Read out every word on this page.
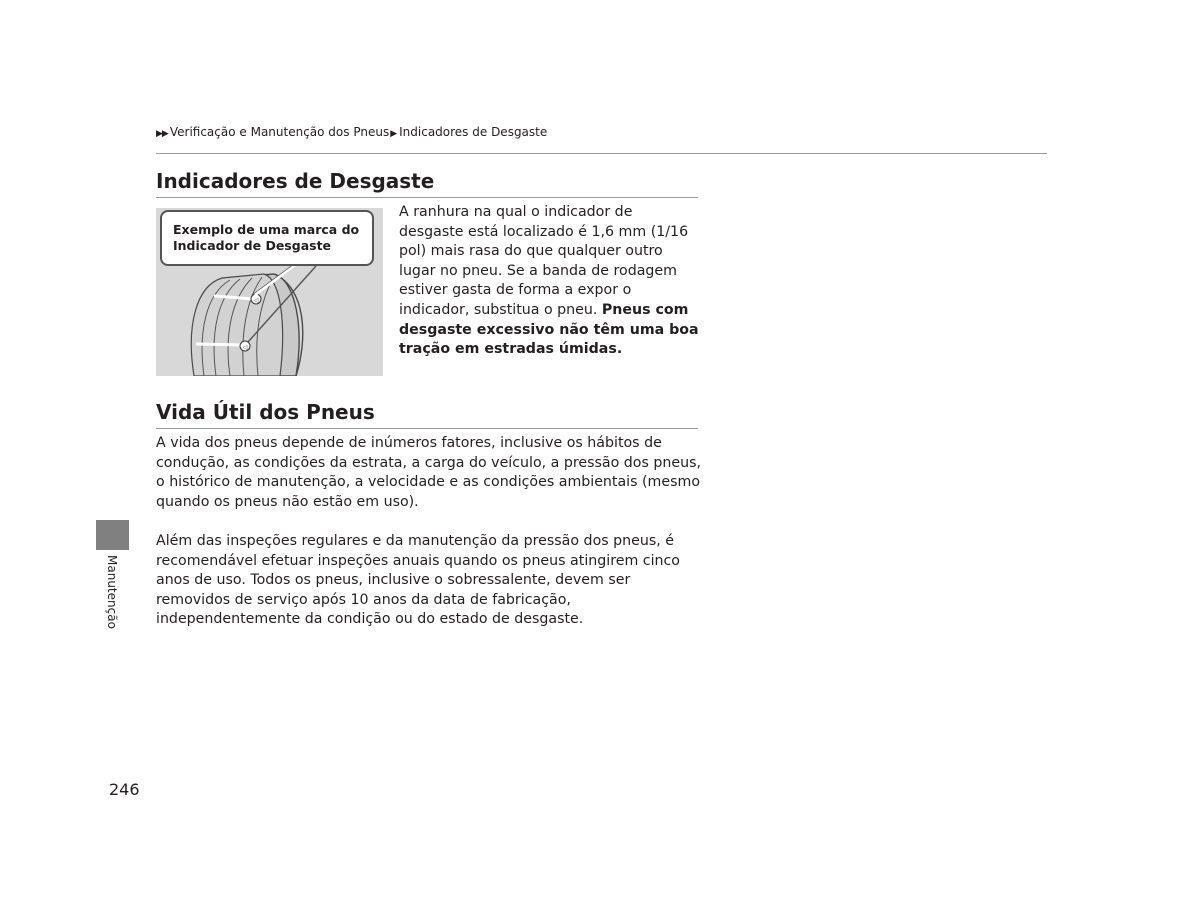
▶▶ Verificação e Manutenção dos Pneus▶ Indicadores de Desgaste
Indicadores de Desgaste
◁
◁
Exemplo de uma marca do
Indicador de Desgaste
A ranhura na qual o indicador de desgaste está localizado é 1,6 mm (1/16 pol) mais rasa do que qualquer outro lugar no pneu. Se a banda de rodagem estiver gasta de forma a expor o indicador, substitua o pneu. Pneus com desgaste excessivo não têm uma boa tração em estradas úmidas.
Vida Útil dos Pneus
A vida dos pneus depende de inúmeros fatores, inclusive os hábitos de condução, as condições da estrata, a carga do veículo, a pressão dos pneus, o histórico de manutenção, a velocidade e as condições ambientais (mesmo quando os pneus não estão em uso).
Além das inspeções regulares e da manutenção da pressão dos pneus, é recomendável efetuar inspeções anuais quando os pneus atingirem cinco anos de uso. Todos os pneus, inclusive o sobressalente, devem ser removidos de serviço após 10 anos da data de fabricação, independentemente da condição ou do estado de desgaste.
Manutenção
246
